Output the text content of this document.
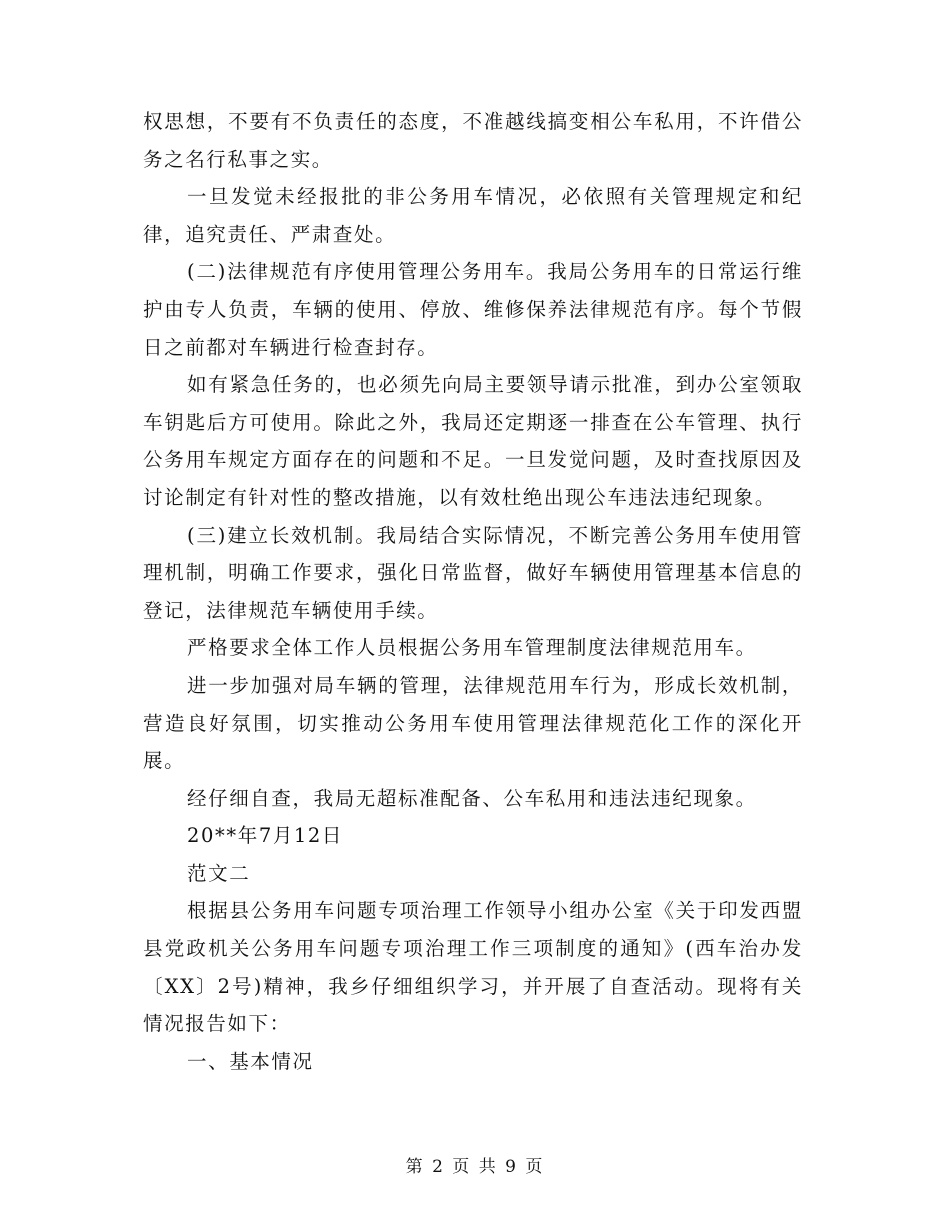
权思想，不要有不负责任的态度，不准越线搞变相公车私用，不许借公务之名行私事之实。

一旦发觉未经报批的非公务用车情况，必依照有关管理规定和纪律，追究责任、严肃查处。

(二)法律规范有序使用管理公务用车。我局公务用车的日常运行维护由专人负责，车辆的使用、停放、维修保养法律规范有序。每个节假日之前都对车辆进行检查封存。

如有紧急任务的，也必须先向局主要领导请示批准，到办公室领取车钥匙后方可使用。除此之外，我局还定期逐一排查在公车管理、执行公务用车规定方面存在的问题和不足。一旦发觉问题，及时查找原因及讨论制定有针对性的整改措施，以有效杜绝出现公车违法违纪现象。

(三)建立长效机制。我局结合实际情况，不断完善公务用车使用管理机制，明确工作要求，强化日常监督，做好车辆使用管理基本信息的登记，法律规范车辆使用手续。

严格要求全体工作人员根据公务用车管理制度法律规范用车。

进一步加强对局车辆的管理，法律规范用车行为，形成长效机制，营造良好氛围，切实推动公务用车使用管理法律规范化工作的深化开展。

经仔细自查，我局无超标准配备、公车私用和违法违纪现象。

20**年7月12日

范文二

根据县公务用车问题专项治理工作领导小组办公室《关于印发西盟县党政机关公务用车问题专项治理工作三项制度的通知》(西车治办发〔XX〕2号)精神，我乡仔细组织学习，并开展了自查活动。现将有关情况报告如下：

一、基本情况

第 2 页 共 9 页
